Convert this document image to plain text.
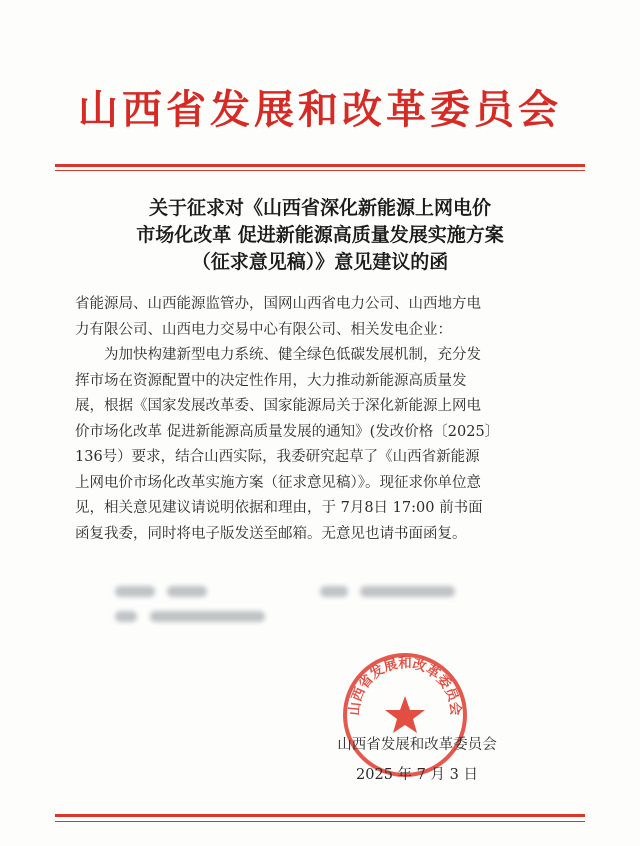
山西省发展和改革委员会
关于征求对《山西省深化新能源上网电价
市场化改革 促进新能源高质量发展实施方案
（征求意见稿）》意见建议的函
省能源局、山西能源监管办，国网山西省电力公司、山西地方电
力有限公司、山西电力交易中心有限公司、相关发电企业：
为加快构建新型电力系统、健全绿色低碳发展机制，充分发
挥市场在资源配置中的决定性作用，大力推动新能源高质量发
展，根据《国家发展改革委、国家能源局关于深化新能源上网电
价市场化改革 促进新能源高质量发展的通知》(发改价格〔2025〕
136号）要求，结合山西实际，我委研究起草了《山西省新能源
上网电价市场化改革实施方案（征求意见稿）》。现征求你单位意
见，相关意见建议请说明依据和理由，于 7月8日 17:00 前书面
函复我委，同时将电子版发送至邮箱。无意见也请书面函复。
山西省发展和改革委员会
山西省发展和改革委员会
2025 年 7 月 3 日
